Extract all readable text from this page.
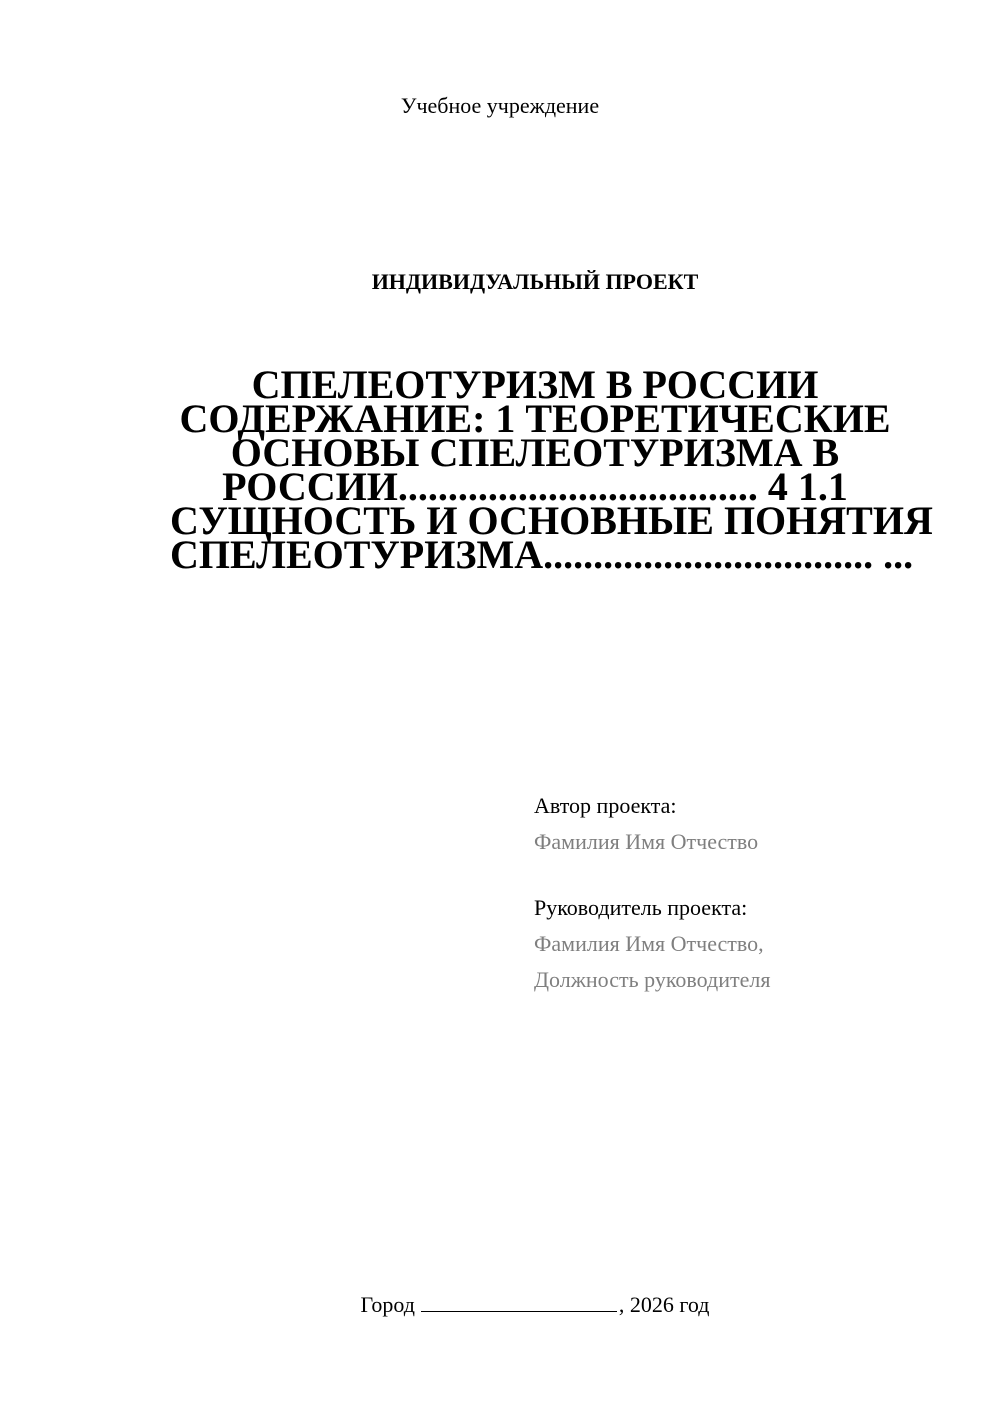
Учебное учреждение
ИНДИВИДУАЛЬНЫЙ ПРОЕКТ
СПЕЛЕОТУРИЗМ В РОССИИ
СОДЕРЖАНИЕ: 1 ТЕОРЕТИЧЕСКИЕ
ОСНОВЫ СПЕЛЕОТУРИЗМА В
РОССИИ.................................... 4 1.1
СУЩНОСТЬ И ОСНОВНЫЕ ПОНЯТИЯ
СПЕЛЕОТУРИЗМА................................. ...
Автор проекта:
Фамилия Имя Отчество
Руководитель проекта:
Фамилия Имя Отчество,
Должность руководителя
Город	, 2026 год
